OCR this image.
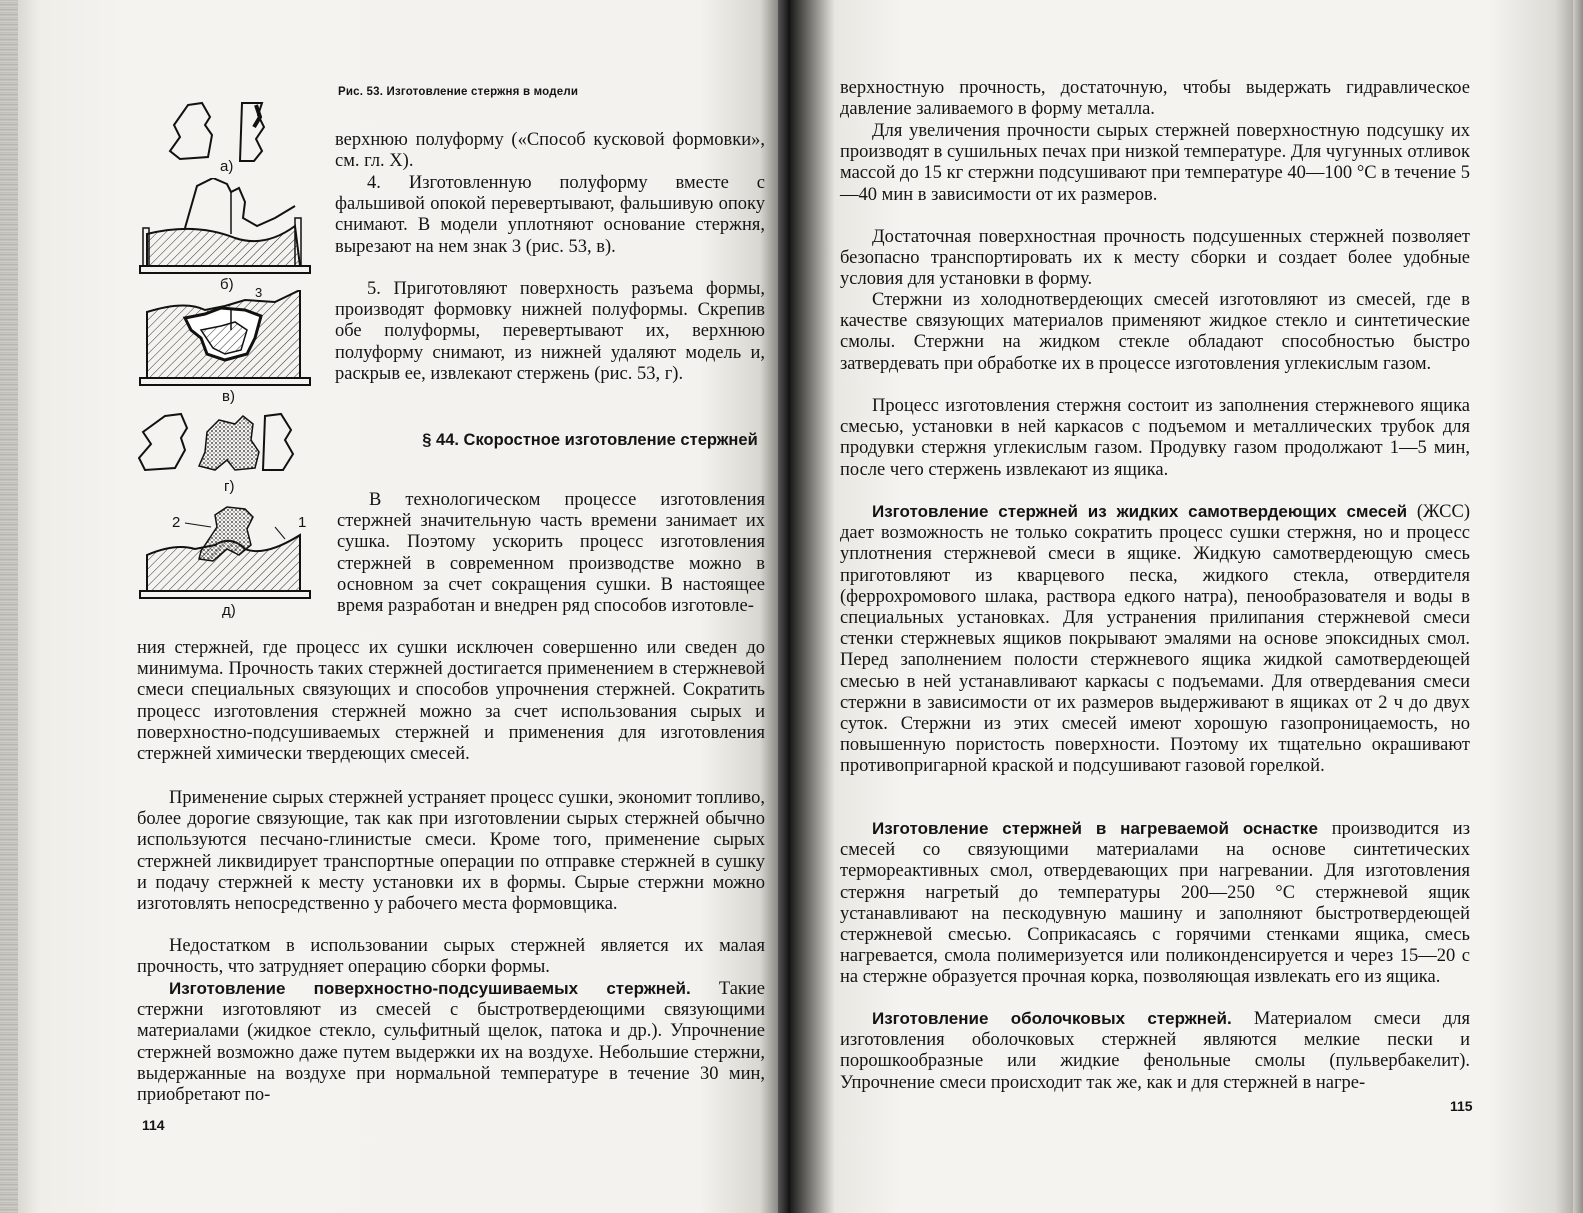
Рис. 53. Изготовление стержня в модели
а)
б) 3
в)
г)
2	1
д)

верхнюю полуформу («Способ кусковой формовки», см. гл. X).

4. Изготовленную полуформу вместе с фальшивой опокой перевертывают, фальшивую опоку снимают. В модели уплотняют основание стержня, вырезают на нем знак 3 (рис. 53, в).

5. Приготовляют поверхность разъема формы, производят формовку нижней полуформы. Скрепив обе полуформы, перевертывают их, верхнюю полуформу снимают, из нижней удаляют модель и, раскрыв ее, извлекают стержень (рис. 53, г).

§ 44. Скоростное изготовление стержней

В технологическом процессе изготовления стержней значительную часть времени занимает их сушка. Поэтому ускорить процесс изготовления стержней в современном производстве можно в основном за счет сокращения сушки. В настоящее время разработан и внедрен ряд способов изготовле-

ния стержней, где процесс их сушки исключен совершенно или сведен до минимума. Прочность таких стержней достигается применением в стержневой смеси специальных связующих и способов упрочнения стержней. Сократить процесс изготовления стержней можно за счет использования сырых и поверхностно-подсушиваемых стержней и применения для изготовления стержней химически твердеющих смесей.

Применение сырых стержней устраняет процесс сушки, экономит топливо, более дорогие связующие, так как при изготовлении сырых стержней обычно используются песчано-глинистые смеси. Кроме того, применение сырых стержней ликвидирует транспортные операции по отправке стержней в сушку и подачу стержней к месту установки их в формы. Сырые стержни можно изготовлять непосредственно у рабочего места формовщика.

Недостатком в использовании сырых стержней является их малая прочность, что затрудняет операцию сборки формы.

Изготовление поверхностно-подсушиваемых стержней. Такие стержни изготовляют из смесей с быстротвердеющими связующими материалами (жидкое стекло, сульфитный щелок, патока и др.). Упрочнение стержней возможно даже путем выдержки их на воздухе. Небольшие стержни, выдержанные на воздухе при нормальной температуре в течение 30 мин, приобретают по-

114

верхностную прочность, достаточную, чтобы выдержать гидравлическое давление заливаемого в форму металла.

Для увеличения прочности сырых стержней поверхностную подсушку их производят в сушильных печах при низкой температуре. Для чугунных отливок массой до 15 кг стержни подсушивают при температуре 40—100 °С в течение 5—40 мин в зависимости от их размеров.

Достаточная поверхностная прочность подсушенных стержней позволяет безопасно транспортировать их к месту сборки и создает более удобные условия для установки в форму.

Стержни из холоднотвердеющих смесей изготовляют из смесей, где в качестве связующих материалов применяют жидкое стекло и синтетические смолы. Стержни на жидком стекле обладают способностью быстро затвердевать при обработке их в процессе изготовления углекислым газом.

Процесс изготовления стержня состоит из заполнения стержневого ящика смесью, установки в ней каркасов с подъемом и металлических трубок для продувки стержня углекислым газом. Продувку газом продолжают 1—5 мин, после чего стержень извлекают из ящика.

Изготовление стержней из жидких самотвердеющих смесей (ЖСС) дает возможность не только сократить процесс сушки стержня, но и процесс уплотнения стержневой смеси в ящике. Жидкую самотвердеющую смесь приготовляют из кварцевого песка, жидкого стекла, отвердителя (феррохромового шлака, раствора едкого натра), пенообразователя и воды в специальных установках. Для устранения прилипания стержневой смеси стенки стержневых ящиков покрывают эмалями на основе эпоксидных смол. Перед заполнением полости стержневого ящика жидкой самотвердеющей смесью в ней устанавливают каркасы с подъемами. Для отвердевания смеси стержни в зависимости от их размеров выдерживают в ящиках от 2 ч до двух суток. Стержни из этих смесей имеют хорошую газопроницаемость, но повышенную пористость поверхности. Поэтому их тщательно окрашивают противопригарной краской и подсушивают газовой горелкой.

Изготовление стержней в нагреваемой оснастке производится из смесей со связующими материалами на основе синтетических термореактивных смол, отвердевающих при нагревании. Для изготовления стержня нагретый до температуры 200—250 °С стержневой ящик устанавливают на пескодувную машину и заполняют быстротвердеющей стержневой смесью. Соприкасаясь с горячими стенками ящика, смесь нагревается, смола полимеризуется или поликонденсируется и через 15—20 с на стержне образуется прочная корка, позволяющая извлекать его из ящика.

Изготовление оболочковых стержней. Материалом смеси для изготовления оболочковых стержней являются мелкие пески и порошкообразные или жидкие фенольные смолы (пульвербакелит). Упрочнение смеси происходит так же, как и для стержней в нагре-

115
